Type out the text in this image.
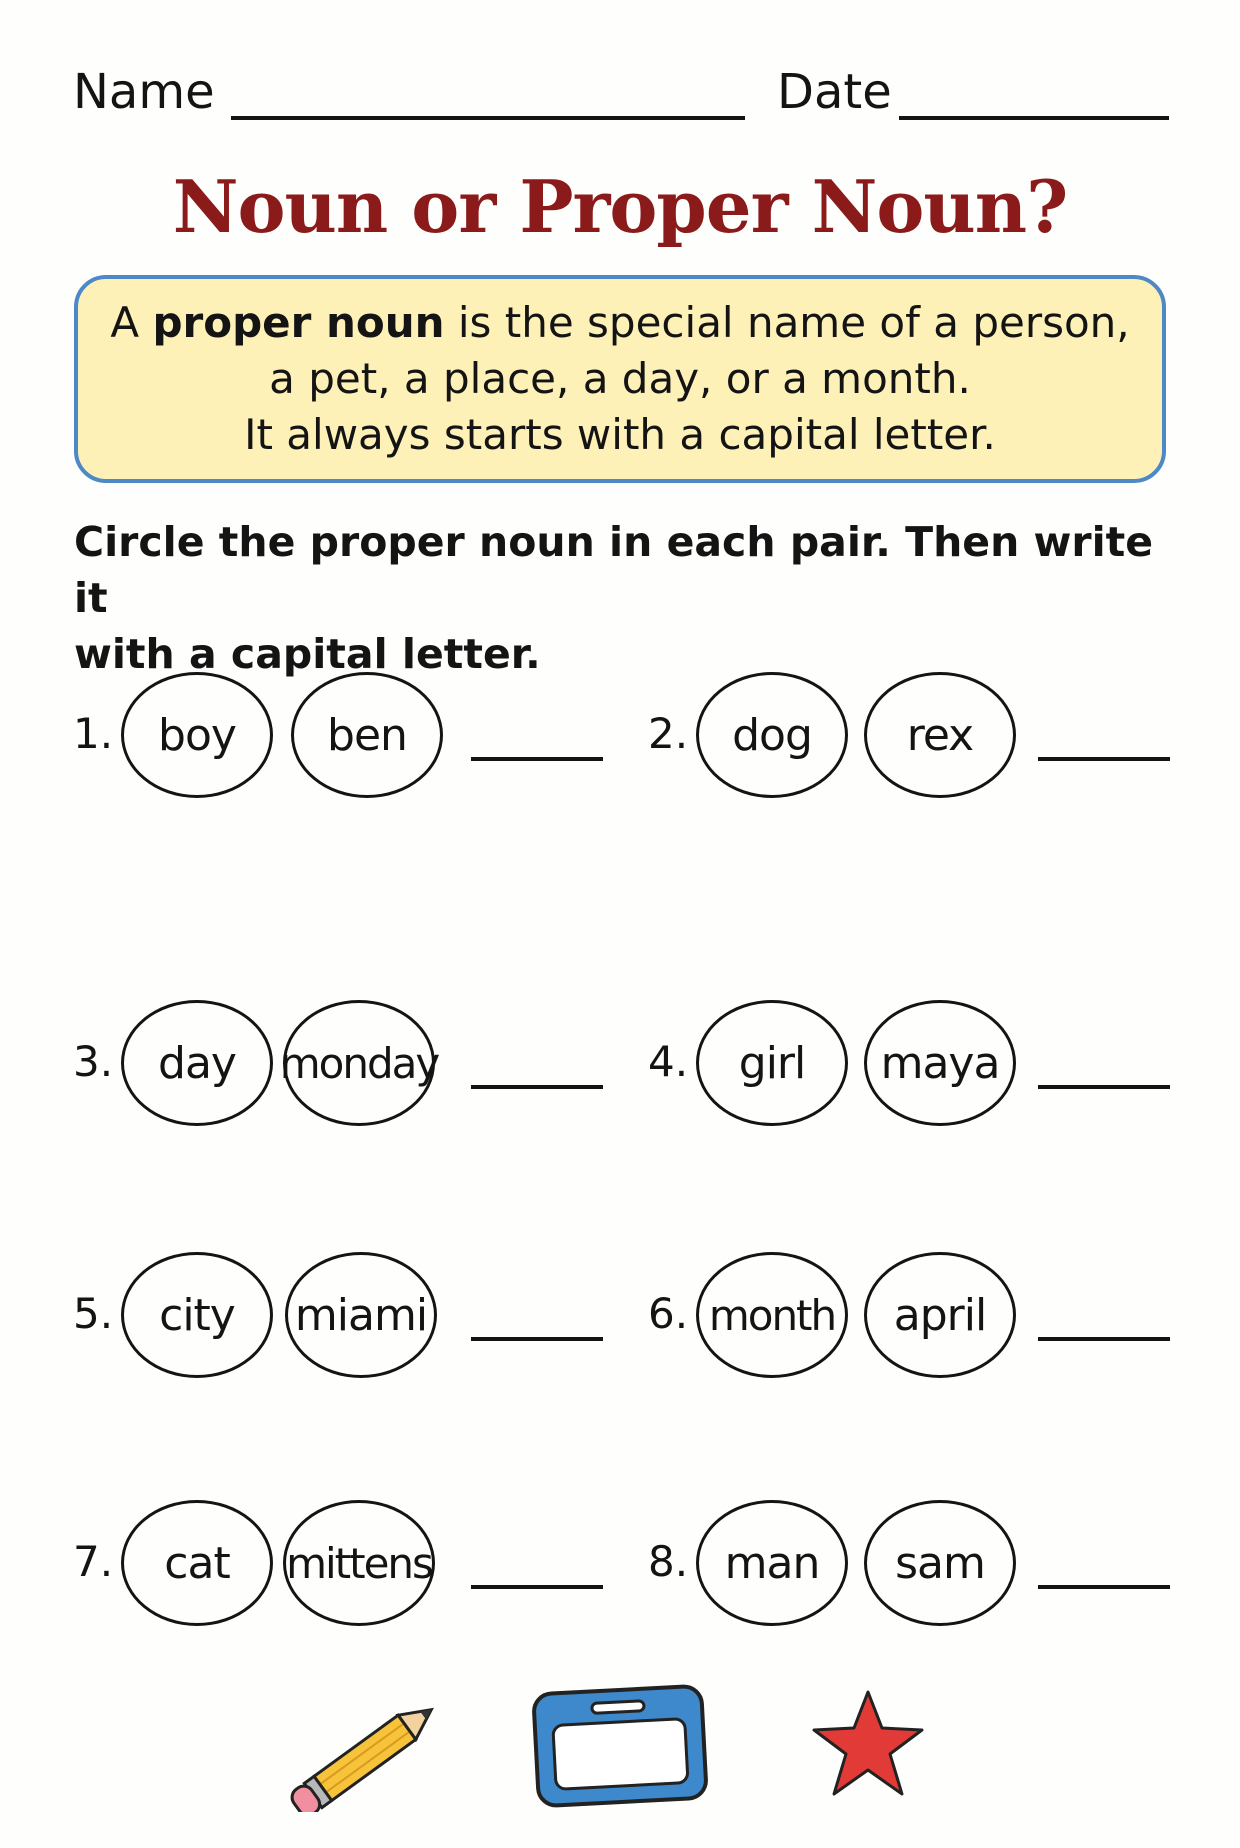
Name	Date
Noun or Proper Noun?
A proper noun is the special name of a person,
a pet, a place, a day, or a month.
It always starts with a capital letter.
Circle the proper noun in each pair. Then write it
with a capital letter.
1.	boy	ben	2.	dog	rex
3.	day	monday	4.	girl	maya
5.	city	miami	6. month	april
7.	cat	mittens	8. man	sam
